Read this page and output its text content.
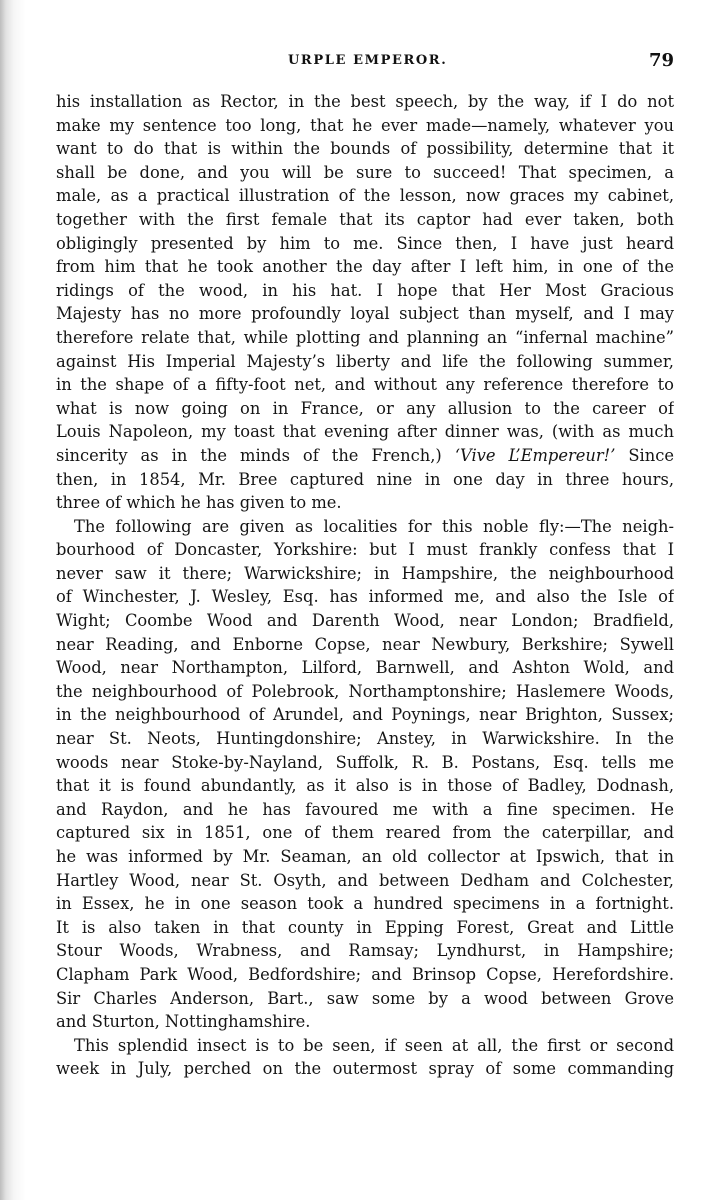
URPLE EMPEROR.	79

his installation as Rector, in the best speech, by the way, if I do not
make my sentence too long, that he ever made—namely, whatever you
want to do that is within the bounds of possibility, determine that it
shall be done, and you will be sure to succeed! That specimen, a
male, as a practical illustration of the lesson, now graces my cabinet,
together with the first female that its captor had ever taken, both
obligingly presented by him to me. Since then, I have just heard
from him that he took another the day after I left him, in one of the
ridings of the wood, in his hat. I hope that Her Most Gracious
Majesty has no more profoundly loyal subject than myself, and I may
therefore relate that, while plotting and planning an “infernal machine”
against His Imperial Majesty’s liberty and life the following summer,
in the shape of a fifty-foot net, and without any reference therefore to
what is now going on in France, or any allusion to the career of
Louis Napoleon, my toast that evening after dinner was, (with as much
sincerity as in the minds of the French,) ‘Vive L’Empereur!’ Since
then, in 1854, Mr. Bree captured nine in one day in three hours,
three of which he has given to me.

The following are given as localities for this noble fly:—The neigh-
bourhood of Doncaster, Yorkshire: but I must frankly confess that I
never saw it there; Warwickshire; in Hampshire, the neighbourhood
of Winchester, J. Wesley, Esq. has informed me, and also the Isle of
Wight; Coombe Wood and Darenth Wood, near London; Bradfield,
near Reading, and Enborne Copse, near Newbury, Berkshire; Sywell
Wood, near Northampton, Lilford, Barnwell, and Ashton Wold, and
the neighbourhood of Polebrook, Northamptonshire; Haslemere Woods,
in the neighbourhood of Arundel, and Poynings, near Brighton, Sussex;
near St. Neots, Huntingdonshire; Anstey, in Warwickshire. In the
woods near Stoke-by-Nayland, Suffolk, R. B. Postans, Esq. tells me
that it is found abundantly, as it also is in those of Badley, Dodnash,
and Raydon, and he has favoured me with a fine specimen. He
captured six in 1851, one of them reared from the caterpillar, and
he was informed by Mr. Seaman, an old collector at Ipswich, that in
Hartley Wood, near St. Osyth, and between Dedham and Colchester,
in Essex, he in one season took a hundred specimens in a fortnight.
It is also taken in that county in Epping Forest, Great and Little
Stour Woods, Wrabness, and Ramsay; Lyndhurst, in Hampshire;
Clapham Park Wood, Bedfordshire; and Brinsop Copse, Herefordshire.
Sir Charles Anderson, Bart., saw some by a wood between Grove
and Sturton, Nottinghamshire.

This splendid insect is to be seen, if seen at all, the first or second
week in July, perched on the outermost spray of some commanding
